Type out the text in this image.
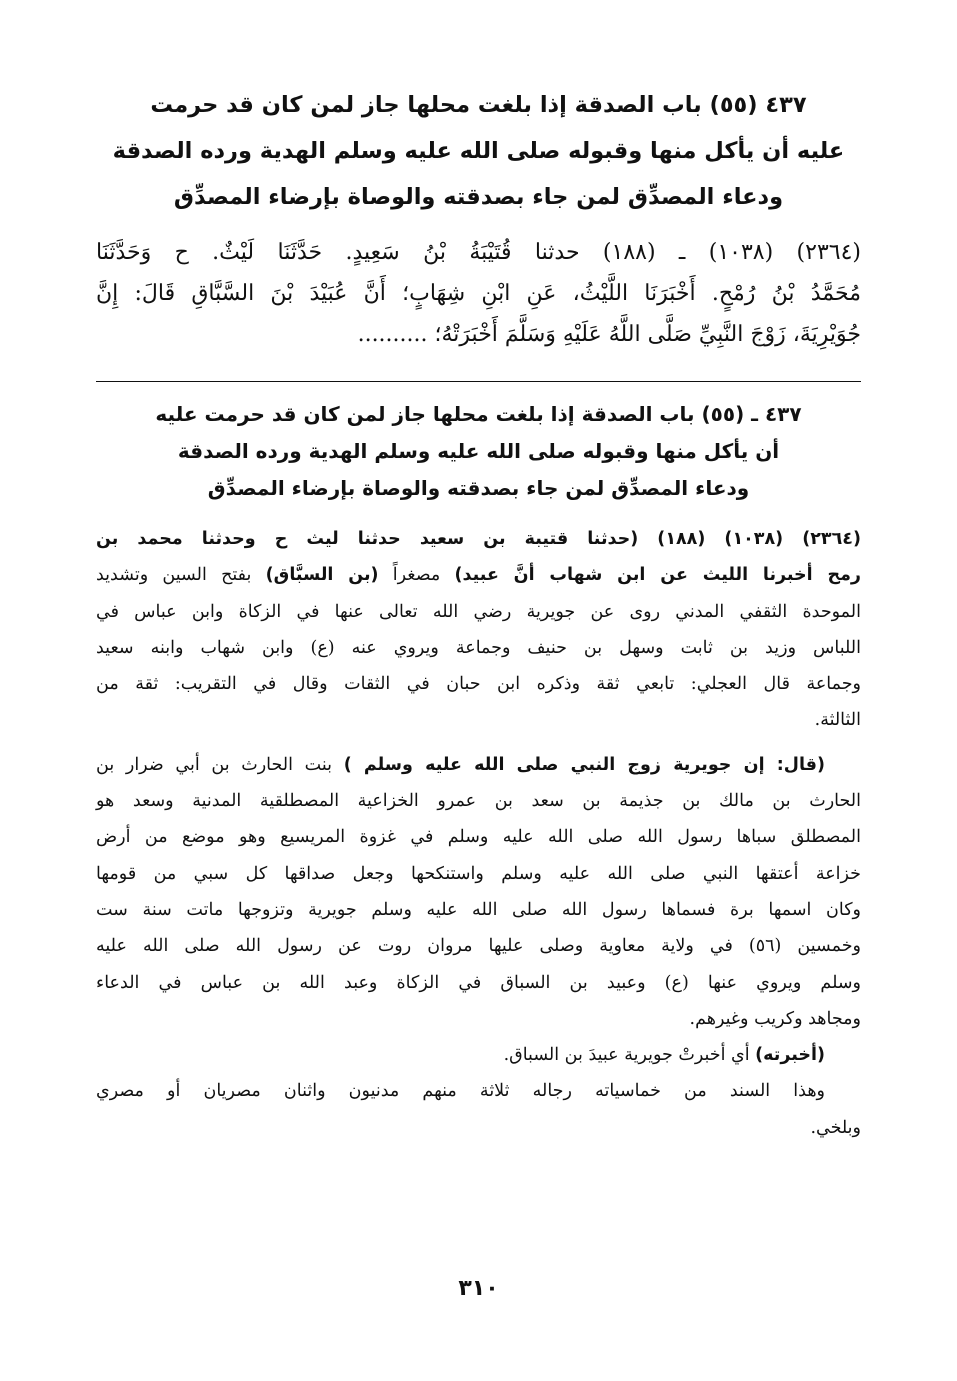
٤٣٧ (٥٥) باب الصدقة إذا بلغت محلها جاز لمن كان قد حرمت
عليه أن يأكل منها وقبوله صلى الله عليه وسلم الهدية ورده الصدقة
ودعاء المصدِّق لمن جاء بصدقته والوصاة بإرضاء المصدِّق
(٢٣٦٤) (١٠٣٨) ـ (١٨٨) حدثنا قُتَيْبَةُ بْنُ سَعِيدٍ. حَدَّثَنَا لَيْثٌ. ح وَحَدَّثَنَا
مُحَمَّدُ بْنُ رُمْحٍ. أَخْبَرَنَا اللَّيْثُ، عَنِ ابْنِ شِهَابٍ؛ أَنَّ عُبَيْدَ بْنَ السَّبَّاقِ قَالَ: إِنَّ
جُوَيْرِيَةَ، زَوْجَ النَّبِيِّ صَلَّى اللَّهُ عَلَيْهِ وَسَلَّمَ أَخْبَرَتْهُ؛ ..........
٤٣٧ ـ (٥٥) باب الصدقة إذا بلغت محلها جاز لمن كان قد حرمت عليه
أن يأكل منها وقبوله صلى الله عليه وسلم الهدية ورده الصدقة
ودعاء المصدِّق لمن جاء بصدقته والوصاة بإرضاء المصدِّق

(٢٣٦٤) (١٠٣٨) (١٨٨) (حدثنا قتيبة بن سعيد حدثنا ليث ح وحدثنا محمد بن
رمح أخبرنا الليث عن ابن شهاب أنَّ عبيد) مصغراً (بن السبَّاق) بفتح السين وتشديد
الموحدة الثقفي المدني روى عن جويرية رضي الله تعالى عنها في الزكاة وابن عباس في
اللباس وزيد بن ثابت وسهل بن حنيف وجماعة ويروي عنه (ع) وابن شهاب وابنه سعيد
وجماعة قال العجلي: تابعي ثقة وذكره ابن حبان في الثقات وقال في التقريب: ثقة من
الثالثة.

(قال: إن جويرية زوج النبي صلى الله عليه وسلم ) بنت الحارث بن أبي ضرار بن
الحارث بن مالك بن جذيمة بن سعد بن عمرو الخزاعية المصطلقية المدنية وسعد هو
المصطلق سباها رسول الله صلى الله عليه وسلم في غزوة المريسيع وهو موضع من أرض
خزاعة أعتقها النبي صلى الله عليه وسلم واستنكحها وجعل صداقها كل سبي من قومها
وكان اسمها برة فسماها رسول الله صلى الله عليه وسلم جويرية وتزوجها ماتت سنة ست
وخمسين (٥٦) في ولاية معاوية وصلى عليها مروان روت عن رسول الله صلى الله عليه
وسلم ويروي عنها (ع) وعبيد بن السباق في الزكاة وعبد الله بن عباس في الدعاء
ومجاهد وكريب وغيرهم.

(أخبرته) أي أخبرتْ جويرية عبيدَ بن السباق.

وهذا السند من خماسياته رجاله ثلاثة منهم مدنيون واثنان مصريان أو مصري
وبلخي.

٣١٠
